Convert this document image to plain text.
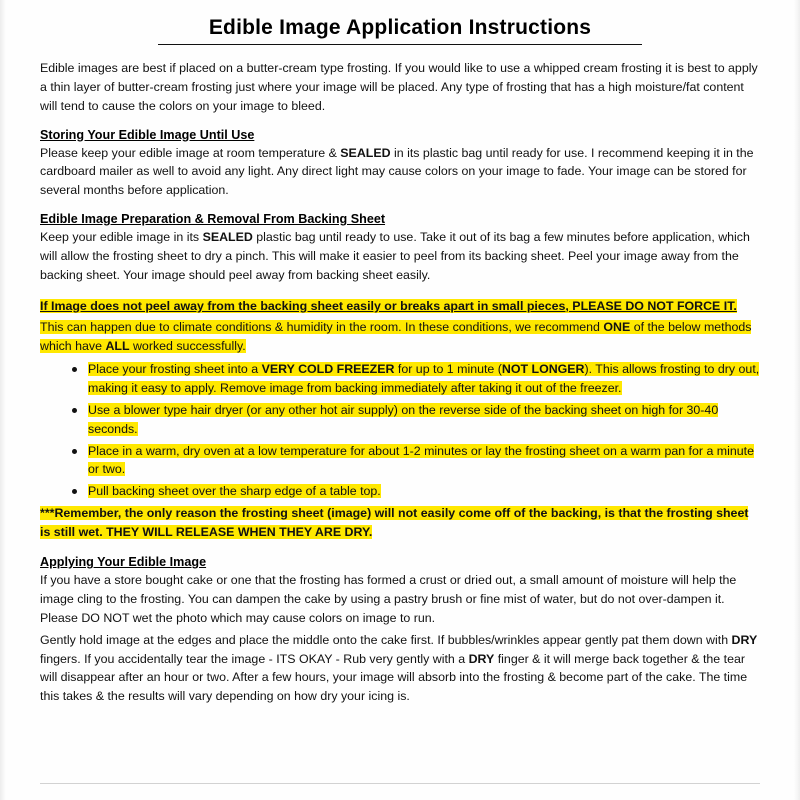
Edible Image Application Instructions

Edible images are best if placed on a butter-cream type frosting. If you would like to use a whipped cream frosting it is best to apply a thin layer of butter-cream frosting just where your image will be placed. Any type of frosting that has a high moisture/fat content will tend to cause the colors on your image to bleed.

Storing Your Edible Image Until Use

Please keep your edible image at room temperature & SEALED in its plastic bag until ready for use. I recommend keeping it in the cardboard mailer as well to avoid any light. Any direct light may cause colors on your image to fade. Your image can be stored for several months before application.

Edible Image Preparation & Removal From Backing Sheet

Keep your edible image in its SEALED plastic bag until ready to use. Take it out of its bag a few minutes before application, which will allow the frosting sheet to dry a pinch. This will make it easier to peel from its backing sheet. Peel your image away from the backing sheet. Your image should peel away from backing sheet easily.

If Image does not peel away from the backing sheet easily or breaks apart in small pieces, PLEASE DO NOT FORCE IT.

This can happen due to climate conditions & humidity in the room. In these conditions, we recommend ONE of the below methods which have ALL worked successfully.

Place your frosting sheet into a VERY COLD FREEZER for up to 1 minute (NOT LONGER). This allows frosting to dry out, making it easy to apply. Remove image from backing immediately after taking it out of the freezer.
Use a blower type hair dryer (or any other hot air supply) on the reverse side of the backing sheet on high for 30-40 seconds.
Place in a warm, dry oven at a low temperature for about 1-2 minutes or lay the frosting sheet on a warm pan for a minute or two.
Pull backing sheet over the sharp edge of a table top.

***Remember, the only reason the frosting sheet (image) will not easily come off of the backing, is that the frosting sheet is still wet. THEY WILL RELEASE WHEN THEY ARE DRY.

Applying Your Edible Image

If you have a store bought cake or one that the frosting has formed a crust or dried out, a small amount of moisture will help the image cling to the frosting. You can dampen the cake by using a pastry brush or fine mist of water, but do not over-dampen it. Please DO NOT wet the photo which may cause colors on image to run.

Gently hold image at the edges and place the middle onto the cake first. If bubbles/wrinkles appear gently pat them down with DRY fingers. If you accidentally tear the image - ITS OKAY - Rub very gently with a DRY finger & it will merge back together & the tear will disappear after an hour or two. After a few hours, your image will absorb into the frosting & become part of the cake. The time this takes & the results will vary depending on how dry your icing is.
